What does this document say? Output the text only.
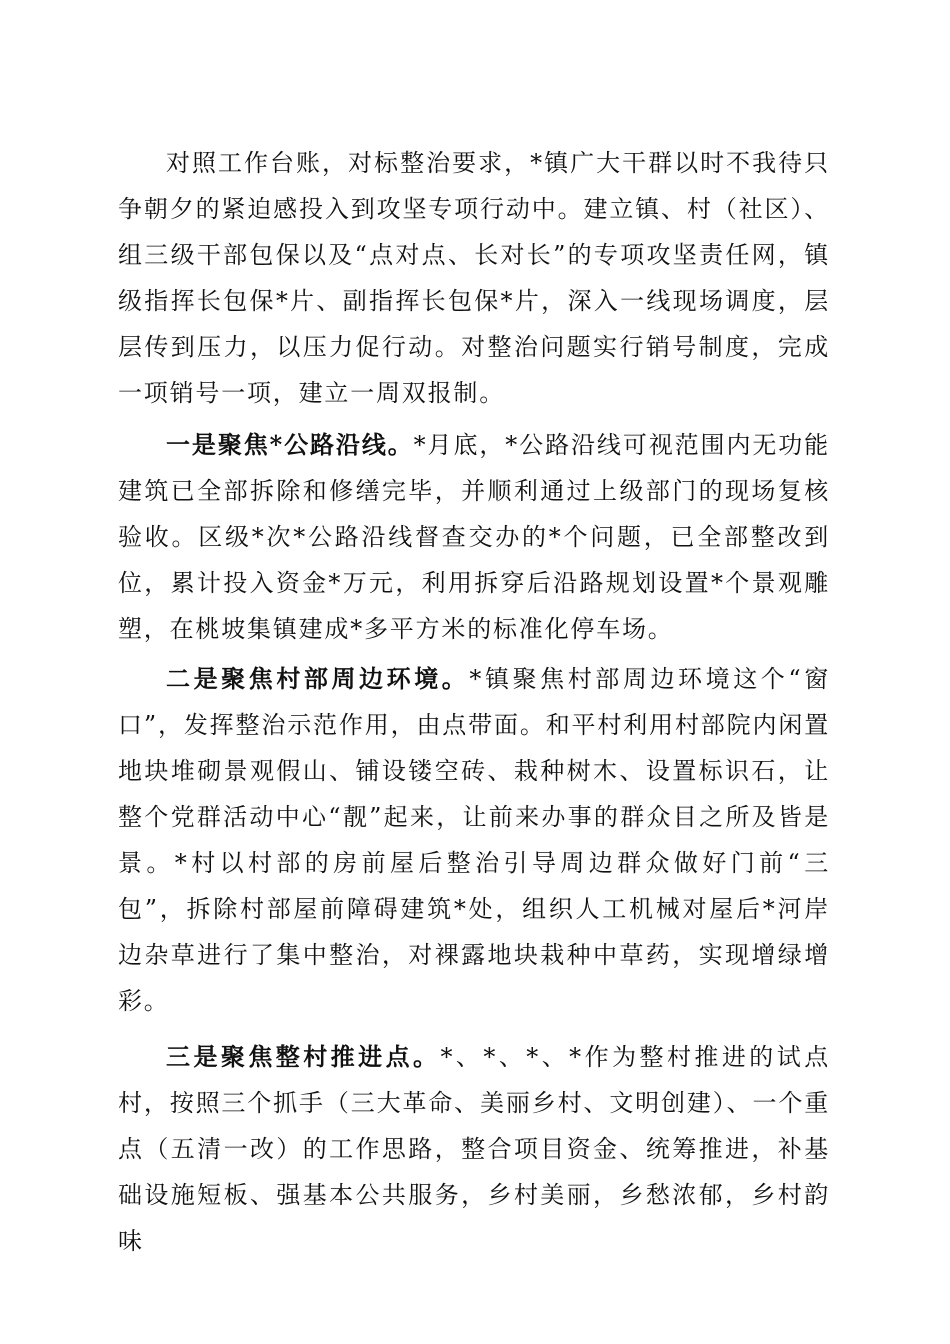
对照工作台账，对标整治要求，*镇广大干群以时不我待只争朝夕的紧迫感投入到攻坚专项行动中。建立镇、村（社区）、组三级干部包保以及“点对点、长对长”的专项攻坚责任网，镇级指挥长包保*片、副指挥长包保*片，深入一线现场调度，层层传到压力，以压力促行动。对整治问题实行销号制度，完成一项销号一项，建立一周双报制。

一是聚焦*公路沿线。*月底，*公路沿线可视范围内无功能建筑已全部拆除和修缮完毕，并顺利通过上级部门的现场复核验收。区级*次*公路沿线督查交办的*个问题，已全部整改到位，累计投入资金*万元，利用拆穿后沿路规划设置*个景观雕塑，在桃坡集镇建成*多平方米的标准化停车场。

二是聚焦村部周边环境。*镇聚焦村部周边环境这个“窗口”，发挥整治示范作用，由点带面。和平村利用村部院内闲置地块堆砌景观假山、铺设镂空砖、栽种树木、设置标识石，让整个党群活动中心“靓”起来，让前来办事的群众目之所及皆是景。*村以村部的房前屋后整治引导周边群众做好门前“三包”，拆除村部屋前障碍建筑*处，组织人工机械对屋后*河岸边杂草进行了集中整治，对裸露地块栽种中草药，实现增绿增彩。

三是聚焦整村推进点。*、*、*、*作为整村推进的试点村，按照三个抓手（三大革命、美丽乡村、文明创建）、一个重点（五清一改）的工作思路，整合项目资金、统筹推进，补基础设施短板、强基本公共服务，乡村美丽，乡愁浓郁，乡村韵味
